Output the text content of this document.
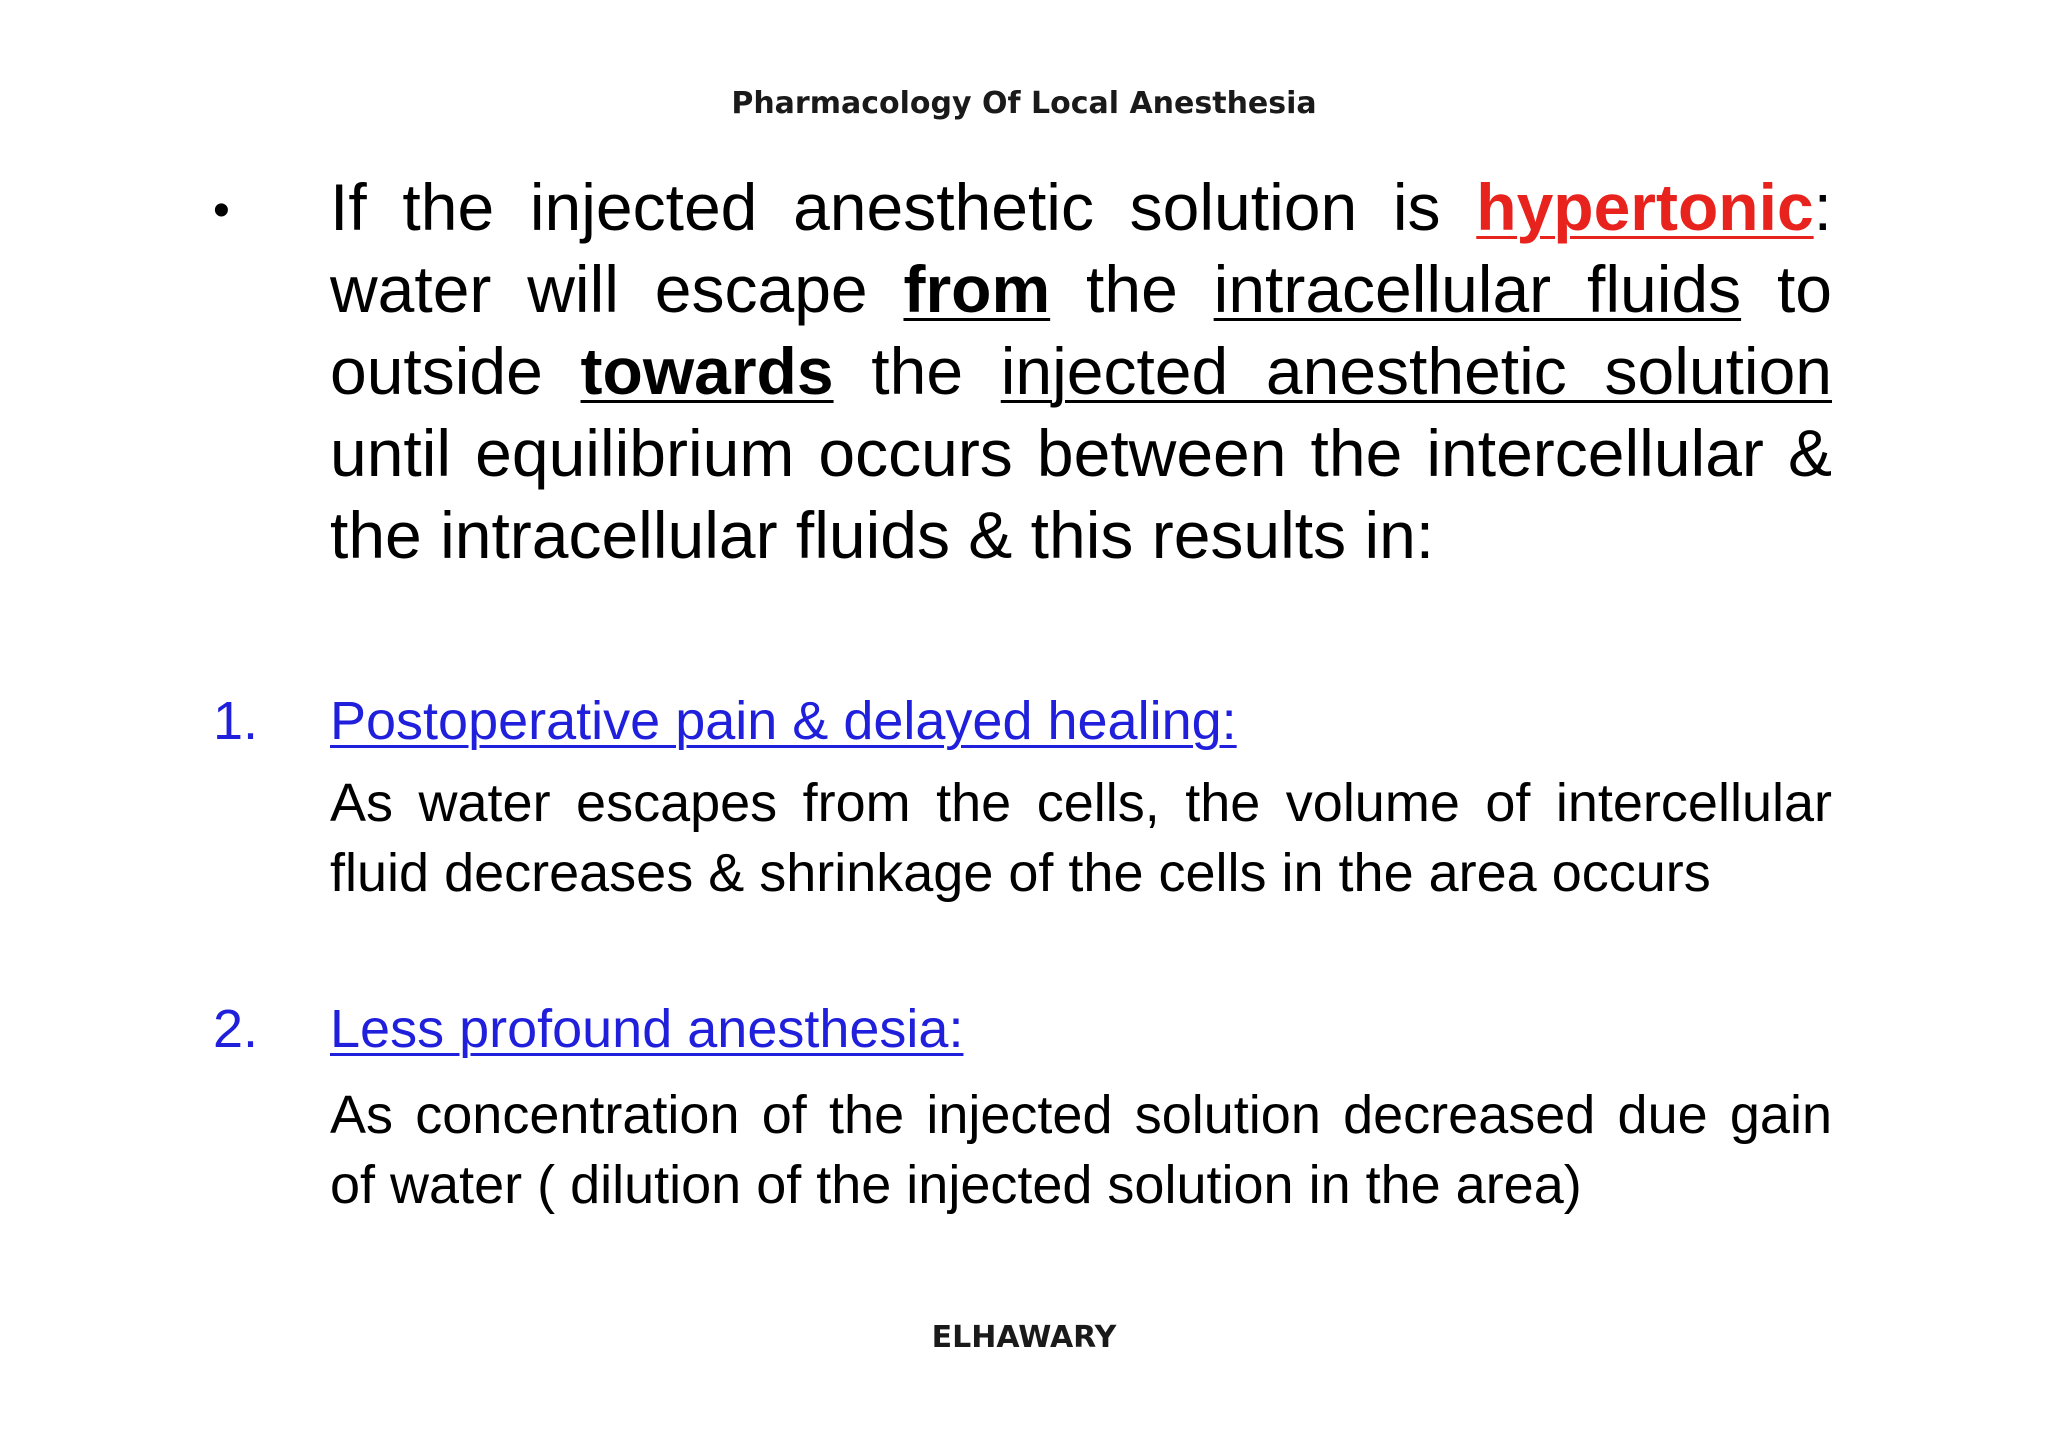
Pharmacology Of Local Anesthesia
• If the injected anesthetic solution is hypertonic: water will escape from the intracellular fluids to outside towards the injected anesthetic solution until equilibrium occurs between the intercellular & the intracellular fluids & this results in:
1. Postoperative pain & delayed healing:
As water escapes from the cells, the volume of intercellular fluid decreases & shrinkage of the cells in the area occurs
2. Less profound anesthesia:
As concentration of the injected solution decreased due gain of water ( dilution of the injected solution in the area)
ELHAWARY
